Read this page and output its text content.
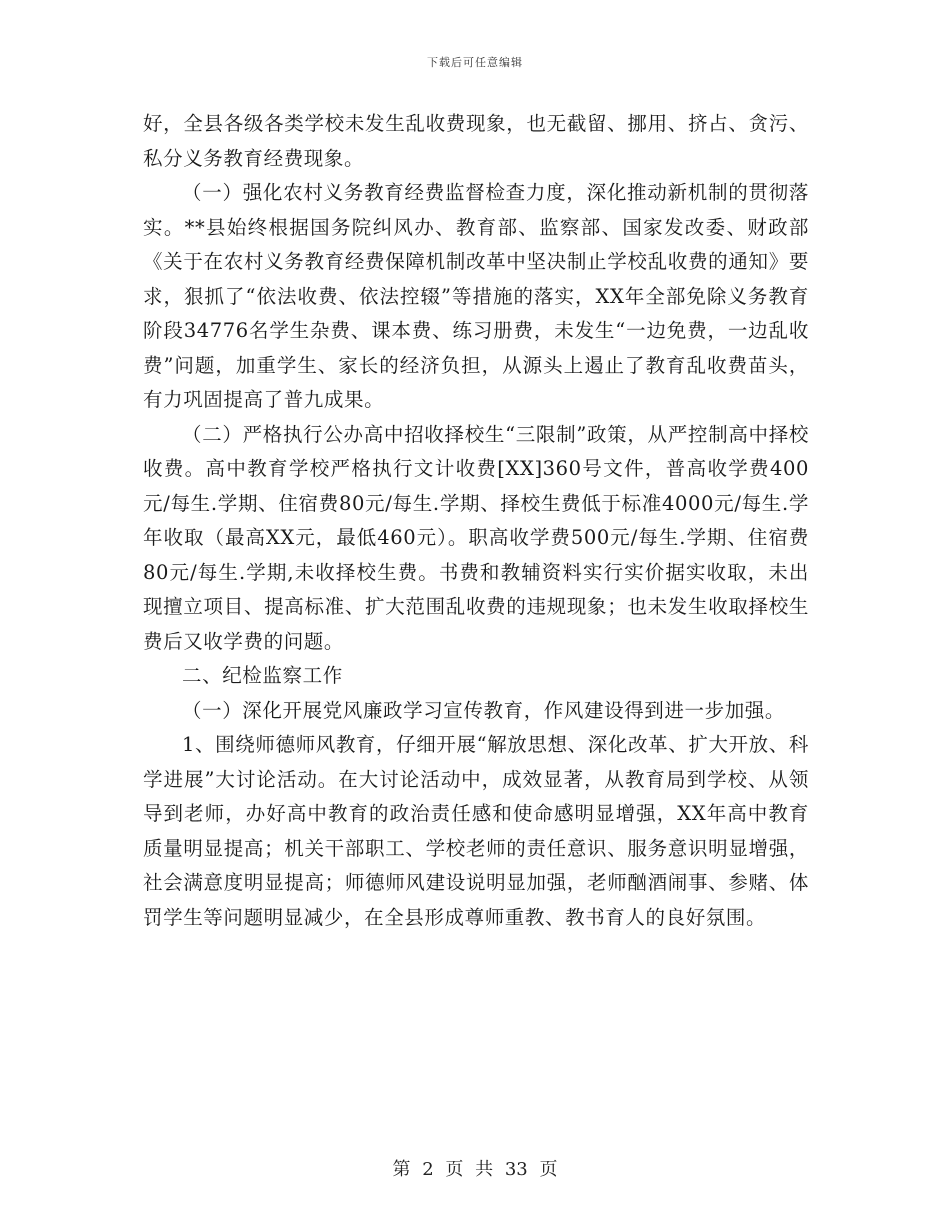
下载后可任意编辑

好，全县各级各类学校未发生乱收费现象，也无截留、挪用、挤占、贪污、私分义务教育经费现象。

（一）强化农村义务教育经费监督检查力度，深化推动新机制的贯彻落实。**县始终根据国务院纠风办、教育部、监察部、国家发改委、财政部《关于在农村义务教育经费保障机制改革中坚决制止学校乱收费的通知》要求，狠抓了“依法收费、依法控辍”等措施的落实，XX年全部免除义务教育阶段34776名学生杂费、课本费、练习册费，未发生“一边免费，一边乱收费”问题，加重学生、家长的经济负担，从源头上遏止了教育乱收费苗头，有力巩固提高了普九成果。

（二）严格执行公办高中招收择校生“三限制”政策，从严控制高中择校收费。高中教育学校严格执行文计收费[XX]360号文件，普高收学费400元/每生.学期、住宿费80元/每生.学期、择校生费低于标准4000元/每生.学年收取（最高XX元，最低460元）。职高收学费500元/每生.学期、住宿费80元/每生.学期,未收择校生费。书费和教辅资料实行实价据实收取，未出现擅立项目、提高标准、扩大范围乱收费的违规现象；也未发生收取择校生费后又收学费的问题。

二、纪检监察工作

（一）深化开展党风廉政学习宣传教育，作风建设得到进一步加强。

1、围绕师德师风教育，仔细开展“解放思想、深化改革、扩大开放、科学进展”大讨论活动。在大讨论活动中，成效显著，从教育局到学校、从领导到老师，办好高中教育的政治责任感和使命感明显增强，XX年高中教育质量明显提高；机关干部职工、学校老师的责任意识、服务意识明显增强，社会满意度明显提高；师德师风建设说明显加强，老师酗酒闹事、参赌、体罚学生等问题明显减少，在全县形成尊师重教、教书育人的良好氛围。

第 2 页 共 33 页
